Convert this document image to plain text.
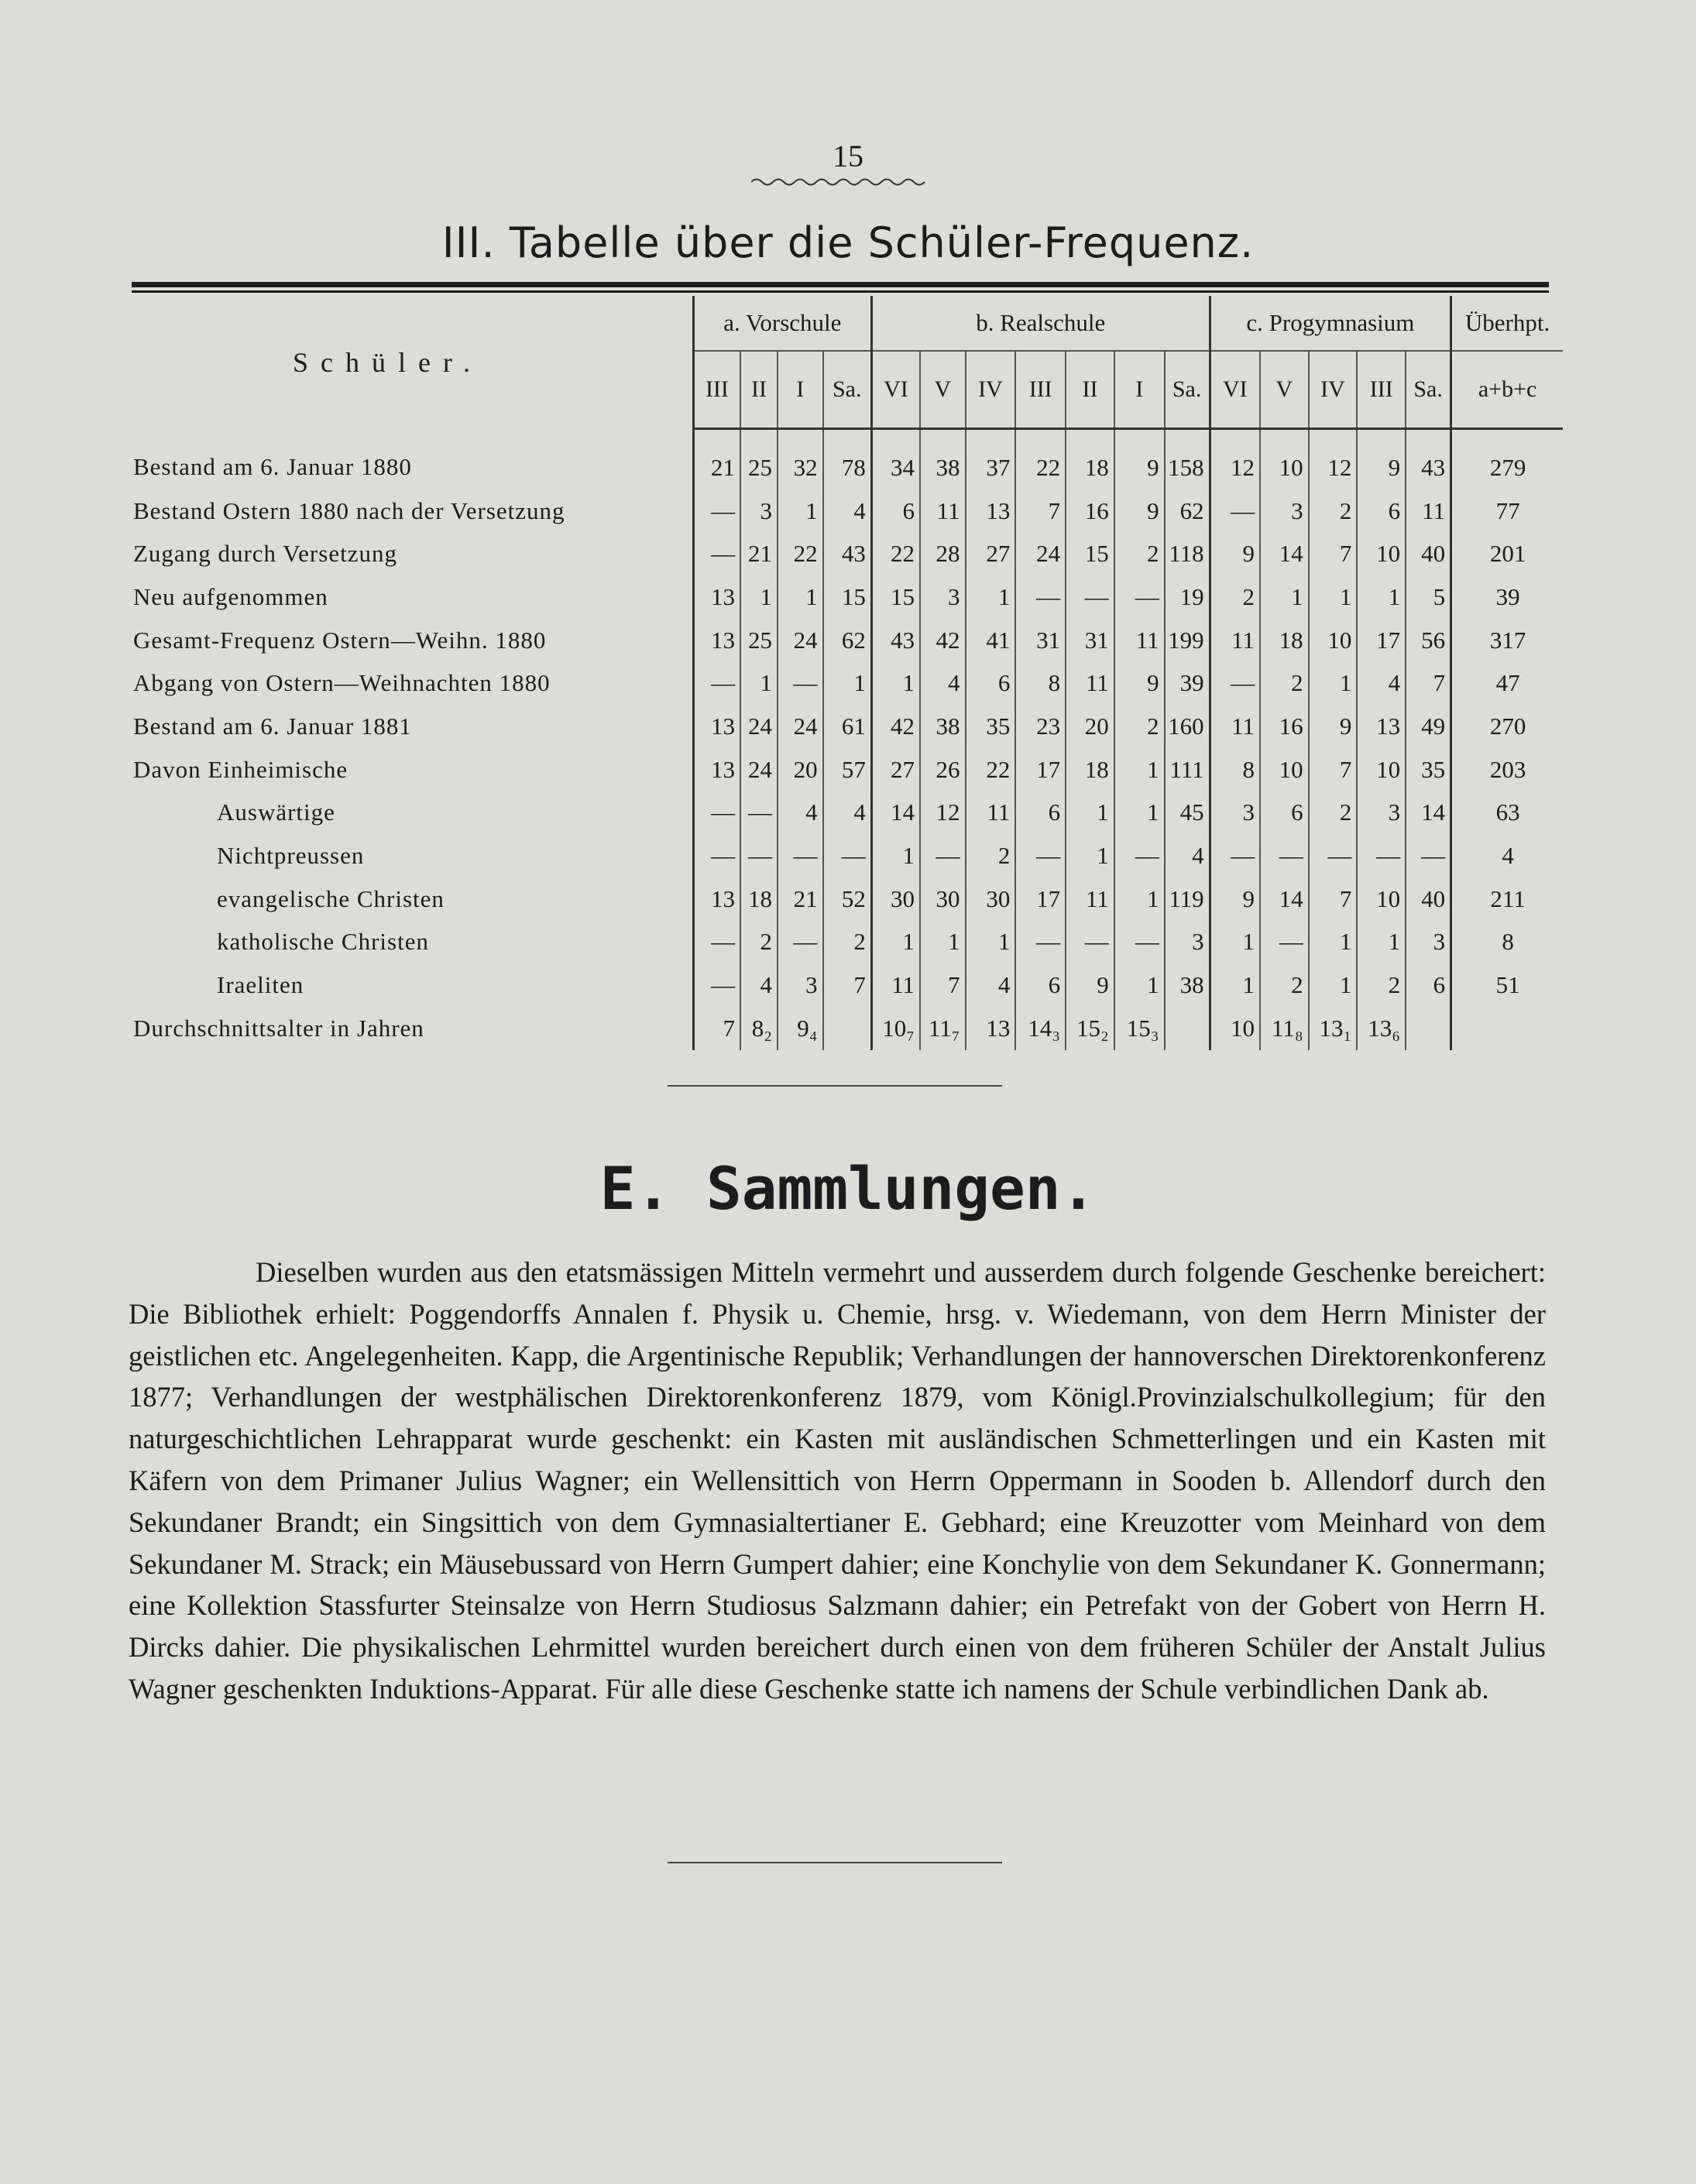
15
III. Tabelle über die Schüler-Frequenz.
Schüler.	a. Vorschule				b. Realschule							c. Progymnasium					Überhpt.
	III	II	I	Sa.	VI	V	IV	III	II	I	Sa.	VI	V	IV	III	Sa.	a+b+c
Bestand am 6. Januar 1880	21	25	32	78	34	38	37	22	18	9	158	12	10	12	9	43	279
Bestand Ostern 1880 nach der Versetzung	—	3	1	4	6	11	13	7	16	9	62	—	3	2	6	11	77
Zugang durch Versetzung	—	21	22	43	22	28	27	24	15	2	118	9	14	7	10	40	201
Neu aufgenommen	13	1	1	15	15	3	1	—	—	—	19	2	1	1	1	5	39
Gesamt-Frequenz Ostern—Weihn. 1880	13	25	24	62	43	42	41	31	31	11	199	11	18	10	17	56	317
Abgang von Ostern—Weihnachten 1880	—	1	—	1	1	4	6	8	11	9	39	—	2	1	4	7	47
Bestand am 6. Januar 1881	13	24	24	61	42	38	35	23	20	2	160	11	16	9	13	49	270
Davon Einheimische	13	24	20	57	27	26	22	17	18	1	111	8	10	7	10	35	203
Auswärtige	—	—	4	4	14	12	11	6	1	1	45	3	6	2	3	14	63
Nichtpreussen	—	—	—	—	1	—	2	—	1	—	4	—	—	—	—	—	4
evangelische Christen	13	18	21	52	30	30	30	17	11	1	119	9	14	7	10	40	211
katholische Christen	—	2	—	2	1	1	1	—	—	—	3	1	—	1	1	3	8
Iraeliten	—	4	3	7	11	7	4	6	9	1	38	1	2	1	2	6	51
Durchschnittsalter in Jahren	7	8₂	9₄		10₇	11₇	13	14₃	15₂	15₃		10	11₈	13₁	13₆		
E. Sammlungen.
Dieselben wurden aus den etatsmässigen Mitteln vermehrt und ausserdem durch folgende Geschenke bereichert: Die Bibliothek erhielt: Poggendorffs Annalen f. Physik u. Chemie, hrsg. v. Wiedemann, von dem Herrn Minister der geistlichen etc. Angelegenheiten. Kapp, die Argentinische Republik; Verhandlungen der hannoverschen Direktorenkonferenz 1877; Verhandlungen der westphälischen Direktorenkonferenz 1879, vom Königl.Provinzialschulkollegium; für den naturgeschichtlichen Lehrapparat wurde geschenkt: ein Kasten mit ausländischen Schmetterlingen und ein Kasten mit Käfern von dem Primaner Julius Wagner; ein Wellensittich von Herrn Oppermann in Sooden b. Allendorf durch den Sekundaner Brandt; ein Singsittich von dem Gymnasialtertianer E. Gebhard; eine Kreuzotter vom Meinhard von dem Sekundaner M. Strack; ein Mäusebussard von Herrn Gumpert dahier; eine Konchylie von dem Sekundaner K. Gonnermann; eine Kollektion Stassfurter Steinsalze von Herrn Studiosus Salzmann dahier; ein Petrefakt von der Gobert von Herrn H. Dircks dahier. Die physikalischen Lehrmittel wurden bereichert durch einen von dem früheren Schüler der Anstalt Julius Wagner geschenkten Induktions-Apparat. Für alle diese Geschenke statte ich namens der Schule verbindlichen Dank ab.
